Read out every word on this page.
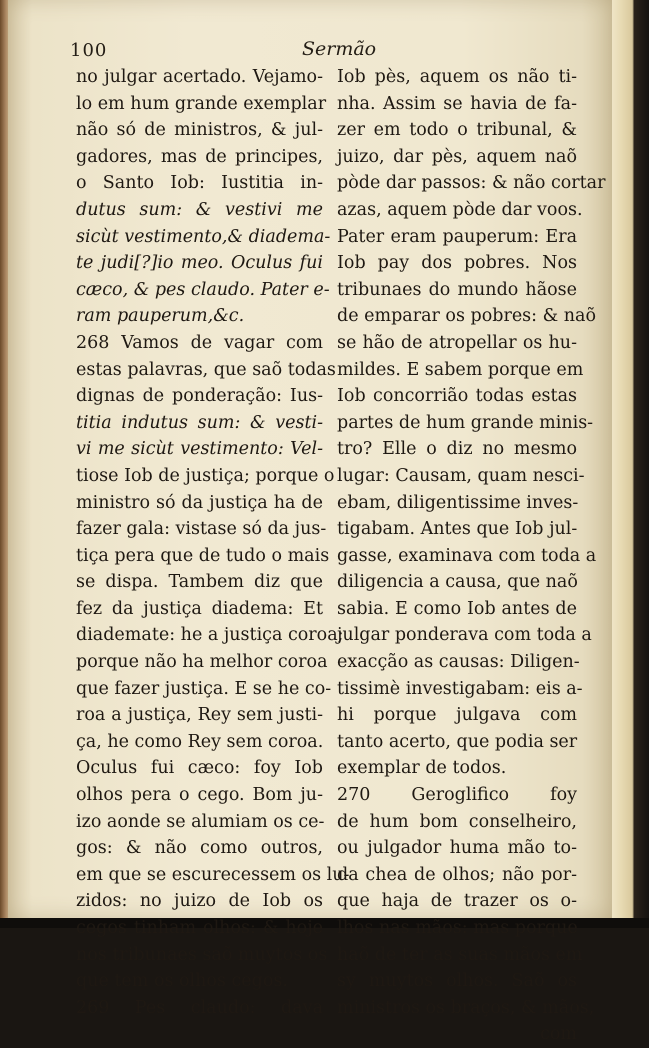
100	Sermão
no julgar acertado. Vejamo-
lo em hum grande exemplar
não só de ministros, & jul-
gadores, mas de principes,
o Santo Iob: Iustitia in-
dutus sum: & vestivi me
sicùt vestimento,& diadema-
te judi[?]io meo. Oculus fui
cæco, & pes claudo. Pater e-
ram pauperum,&c.
268 Vamos de vagar com
estas palavras, que saõ todas
dignas de ponderação: Ius-
titia indutus sum: & vesti-
vi me sicùt vestimento: Vel-
tiose Iob de justiça; porque o
ministro só da justiça ha de
fazer gala: vistase só da jus-
tiça pera que de tudo o mais
se dispa. Tambem diz que
fez da justiça diadema: Et
diademate: he a justiça coroa;
porque não ha melhor coroa
que fazer justiça. E se he co-
roa a justiça, Rey sem justi-
ça, he como Rey sem coroa.
Oculus fui cæco: foy Iob
olhos pera o cego. Bom ju-
izo aonde se alumiam os ce-
gos: & não como outros,
em que se escurecessem os lu-
zidos: no juizo de Iob os
cegos tinham olhos: & hoje
nos tribunaes saõ muytos os
que tem os olhos cegos.
269 Pes claudo: dava
Iob pès, aquem os não ti-
nha. Assim se havia de fa-
zer em todo o tribunal, &
juizo, dar pès, aquem naõ
pòde dar passos: & não cortar
azas, aquem pòde dar voos.
Pater eram pauperum: Era
Iob pay dos pobres. Nos
tribunaes do mundo hãose
de emparar os pobres: & naõ
se hão de atropellar os hu-
mildes. E sabem porque em
Iob concorrião todas estas
partes de hum grande minis-
tro? Elle o diz no mesmo
lugar: Causam, quam nesci-
ebam, diligentissime inves-
tigabam. Antes que Iob jul-
gasse, examinava com toda a
diligencia a causa, que naõ
sabia. E como Iob antes de
julgar ponderava com toda a
exacção as causas: Diligen-
tissimè investigabam: eis a-
hi porque julgava com
tanto acerto, que podia ser
exemplar de todos.
270 Geroglifico foy
de hum bom conselheiro,
ou julgador huma mão to-
da chea de olhos; não por-
que haja de trazer os o-
lhos nas mãos: mas porque
haõ de ter as suas mãos em
sy muytos olhos. Saõ os
ministros os braços, & mãos,
com
